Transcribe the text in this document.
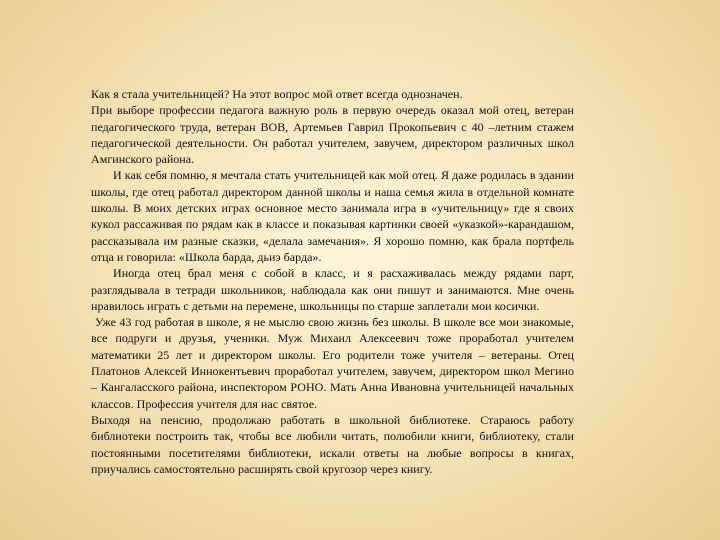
Как я стала учительницей? На этот вопрос мой ответ всегда однозначен.

При выборе профессии педагога важную роль в первую очередь оказал мой отец, ветеран педагогического труда, ветеран ВОВ, Артемьев Гаврил Прокопьевич с 40 –летним стажем педагогической деятельности. Он работал учителем, завучем, директором различных школ Амгинского района.

И как себя помню, я мечтала стать учительницей как мой отец. Я даже родилась в здании школы, где отец работал директором данной школы и наша семья жила в отдельной комнате школы. В моих детских играх основное место занимала игра в «учительницу» где я своих кукол рассаживая по рядам как в классе и показывая картинки своей «указкой»-карандашом, рассказывала им разные сказки, «делала замечания». Я хорошо помню, как брала портфель отца и говорила: «Школа барда, дьиэ барда».

Иногда отец брал меня с собой в класс, и я расхаживалась между рядами парт, разглядывала в тетради школьников, наблюдала как они пишут и занимаются. Мне очень нравилось играть с детьми на перемене, школьницы по старше заплетали мои косички.

Уже 43 год работая в школе, я не мыслю свою жизнь без школы. В школе все мои знакомые, все подруги и друзья, ученики. Муж Михаил Алексеевич тоже проработал учителем математики 25 лет и директором школы. Его родители тоже учителя – ветераны. Отец Платонов Алексей Иннокентьевич проработал учителем, завучем, директором школ Мегино – Кангаласского района, инспектором РОНО. Мать Анна Ивановна учительницей начальных классов. Профессия учителя для нас святое.

Выходя на пенсию, продолжаю работать в школьной библиотеке. Стараюсь работу библиотеки построить так, чтобы все любили читать, полюбили книги, библиотеку, стали постоянными посетителями библиотеки, искали ответы на любые вопросы в книгах, приучались самостоятельно расширять свой кругозор через книгу.
